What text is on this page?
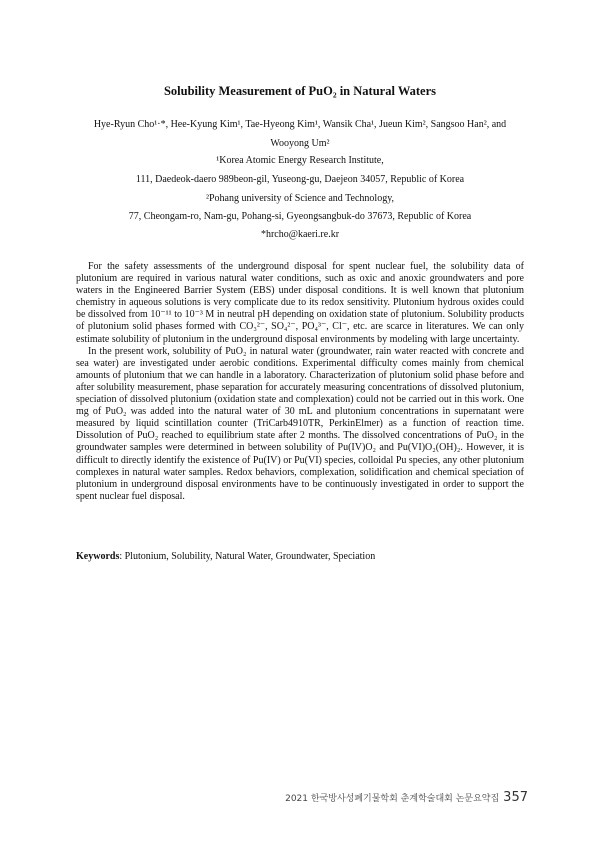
Solubility Measurement of PuO₂ in Natural Waters
Hye-Ryun Cho¹·*, Hee-Kyung Kim¹, Tae-Hyeong Kim¹, Wansik Cha¹, Jueun Kim², Sangsoo Han², and
Wooyong Um²
¹Korea Atomic Energy Research Institute,
111, Daedeok-daero 989beon-gil, Yuseong-gu, Daejeon 34057, Republic of Korea
²Pohang university of Science and Technology,
77, Cheongam-ro, Nam-gu, Pohang-si, Gyeongsangbuk-do 37673, Republic of Korea
*hrcho@kaeri.re.kr

For the safety assessments of the underground disposal for spent nuclear fuel, the solubility data of plutonium are required in various natural water conditions, such as oxic and anoxic groundwaters and pore waters in the Engineered Barrier System (EBS) under disposal conditions. It is well known that plutonium chemistry in aqueous solutions is very complicate due to its redox sensitivity. Plutonium hydrous oxides could be dissolved from 10⁻¹¹ to 10⁻³ M in neutral pH depending on oxidation state of plutonium. Solubility products of plutonium solid phases formed with CO₃²⁻, SO₄²⁻, PO₄³⁻, Cl⁻, etc. are scarce in literatures. We can only estimate solubility of plutonium in the underground disposal environments by modeling with large uncertainty.

In the present work, solubility of PuO₂ in natural water (groundwater, rain water reacted with concrete and sea water) are investigated under aerobic conditions. Experimental difficulty comes mainly from chemical amounts of plutonium that we can handle in a laboratory. Characterization of plutonium solid phase before and after solubility measurement, phase separation for accurately measuring concentrations of dissolved plutonium, speciation of dissolved plutonium (oxidation state and complexation) could not be carried out in this work. One mg of PuO₂ was added into the natural water of 30 mL and plutonium concentrations in supernatant were measured by liquid scintillation counter (TriCarb4910TR, PerkinElmer) as a function of reaction time. Dissolution of PuO₂ reached to equilibrium state after 2 months. The dissolved concentrations of PuO₂ in the groundwater samples were determined in between solubility of Pu(IV)O₂ and Pu(VI)O₂(OH)₂. However, it is difficult to directly identify the existence of Pu(IV) or Pu(VI) species, colloidal Pu species, any other plutonium complexes in natural water samples. Redox behaviors, complexation, solidification and chemical speciation of plutonium in underground disposal environments have to be continuously investigated in order to support the spent nuclear fuel disposal.

Keywords: Plutonium, Solubility, Natural Water, Groundwater, Speciation
2021 한국방사성폐기물학회 춘계학술대회 논문요약집 357
